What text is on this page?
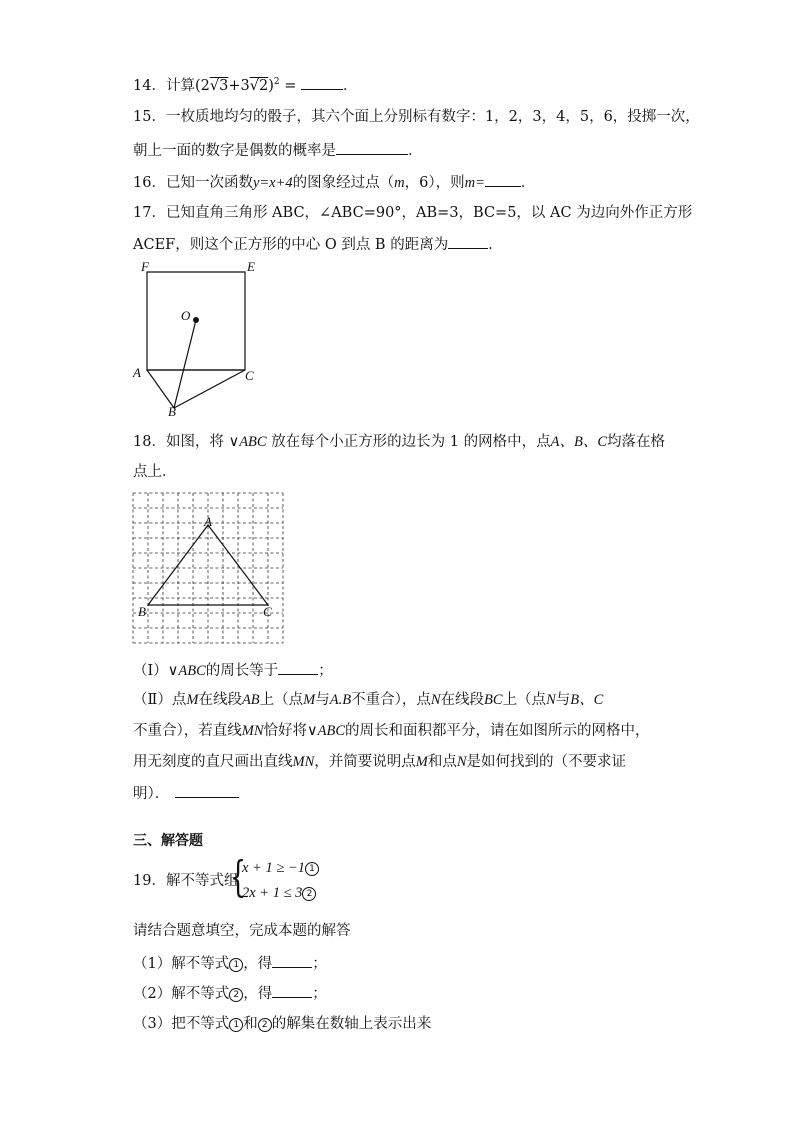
14．计算$(2√3+3√2)^2$ =	．
15．一枚质地均匀的骰子，其六个面上分别标有数字：1，2，3，4，5，6，投掷一次，
朝上一面的数字是偶数的概率是	．
16．已知一次函数y=x+4的图象经过点（m，6），则m= ．
17．已知直角三角形 ABC，∠ABC=90°，AB=3，BC=5，以 AC 为边向外作正方形
ACEF，则这个正方形的中心 O 到点 B 的距离为	．
F	E
O
A	C
B
18．如图，将 ∨ABC 放在每个小正方形的边长为 1 的网格中，点A、B、C均落在格
点上．
A
B	C
（Ⅰ）∨ABC的周长等于	；
（Ⅱ）点M在线段AB上（点M与A.B不重合），点N在线段BC上（点N与B、C
不重合），若直线MN恰好将∨ABC的周长和面积都平分，请在如图所示的网格中，
用无刻度的直尺画出直线MN，并简要说明点M和点N是如何找到的（不要求证
明）．
三、解答题
19．解不等式组
{
x + 1 ≥ −1 1
2x + 1 ≤ 3 2
请结合题意填空，完成本题的解答
（1）解不等式 1 ，得	；
（2）解不等式 2 ，得	；
（3）把不等式 1 和 2 的解集在数轴上表示出来
